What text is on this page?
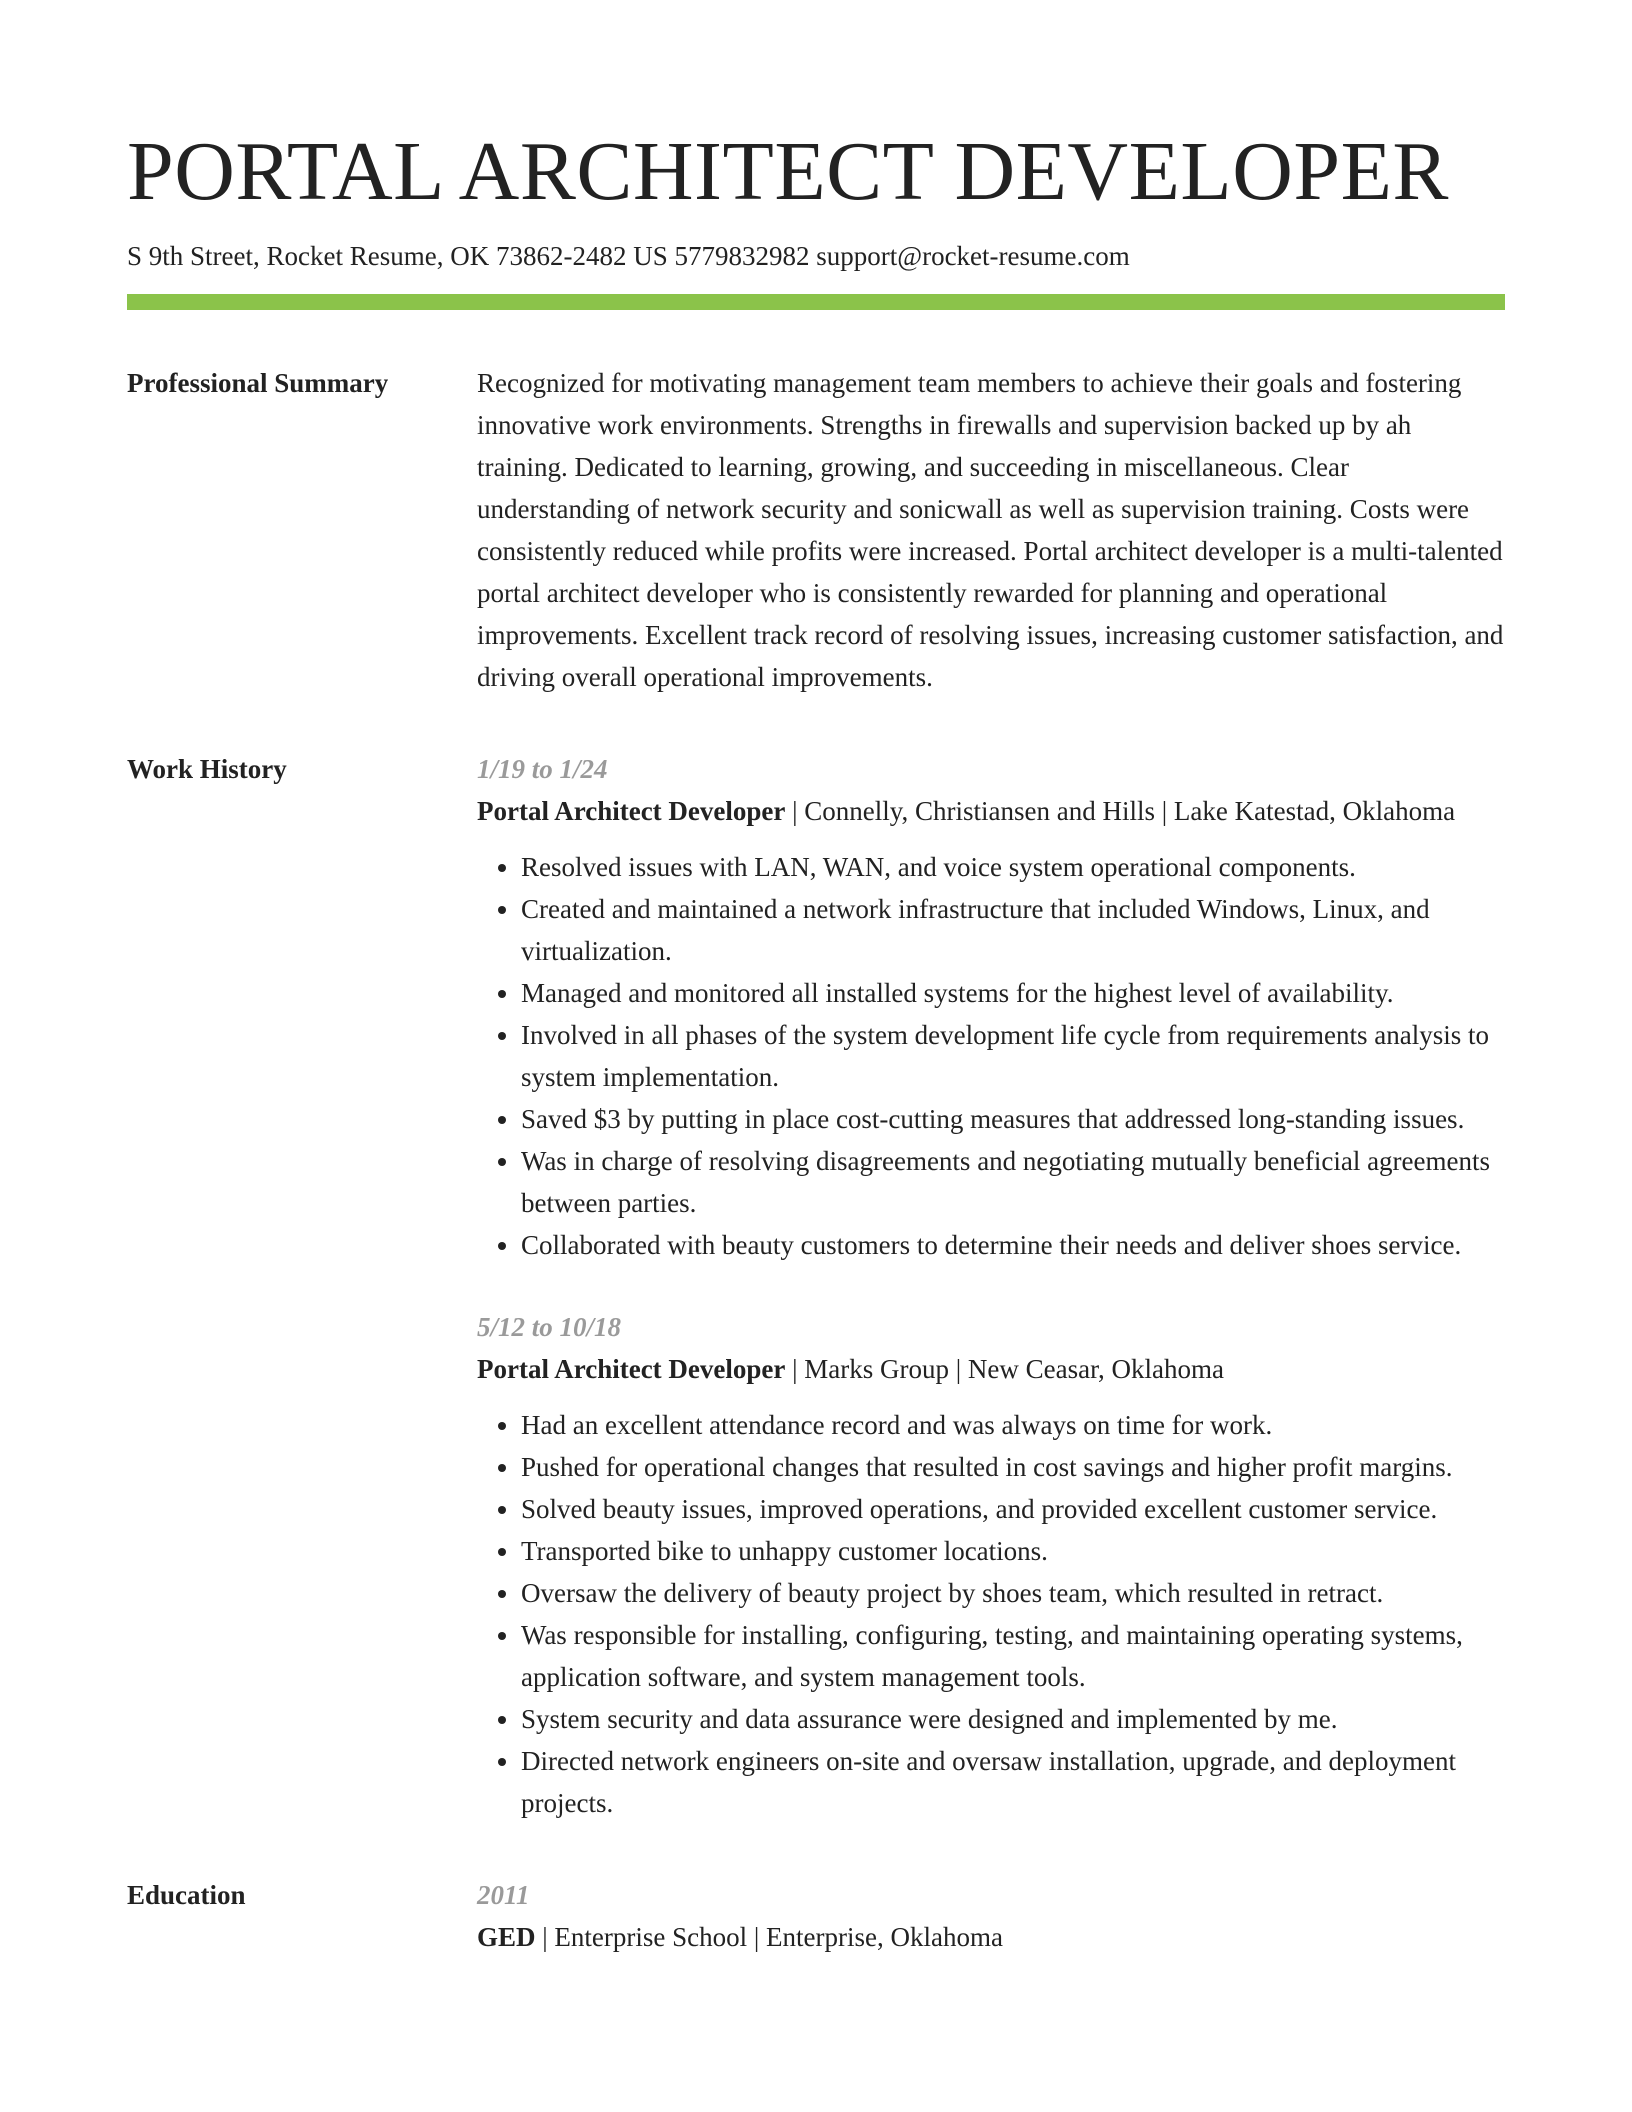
PORTAL ARCHITECT DEVELOPER
S 9th Street, Rocket Resume, OK 73862-2482 US 5779832982 support@rocket-resume.com
Professional Summary	Recognized for motivating management team members to achieve their goals and fostering innovative work environments. Strengths in firewalls and supervision backed up by ah training. Dedicated to learning, growing, and succeeding in miscellaneous. Clear understanding of network security and sonicwall as well as supervision training. Costs were consistently reduced while profits were increased. Portal architect developer is a multi-talented portal architect developer who is consistently rewarded for planning and operational improvements. Excellent track record of resolving issues, increasing customer satisfaction, and driving overall operational improvements.
Work History	1/19 to 1/24
Portal Architect Developer | Connelly, Christiansen and Hills | Lake Katestad, Oklahoma
• Resolved issues with LAN, WAN, and voice system operational components.
• Created and maintained a network infrastructure that included Windows, Linux, and virtualization.
• Managed and monitored all installed systems for the highest level of availability.
• Involved in all phases of the system development life cycle from requirements analysis to system implementation.
• Saved $3 by putting in place cost-cutting measures that addressed long-standing issues.
• Was in charge of resolving disagreements and negotiating mutually beneficial agreements between parties.
• Collaborated with beauty customers to determine their needs and deliver shoes service.
5/12 to 10/18
Portal Architect Developer | Marks Group | New Ceasar, Oklahoma
• Had an excellent attendance record and was always on time for work.
• Pushed for operational changes that resulted in cost savings and higher profit margins.
• Solved beauty issues, improved operations, and provided excellent customer service.
• Transported bike to unhappy customer locations.
• Oversaw the delivery of beauty project by shoes team, which resulted in retract.
• Was responsible for installing, configuring, testing, and maintaining operating systems, application software, and system management tools.
• System security and data assurance were designed and implemented by me.
• Directed network engineers on-site and oversaw installation, upgrade, and deployment projects.
Education	2011
GED | Enterprise School | Enterprise, Oklahoma
